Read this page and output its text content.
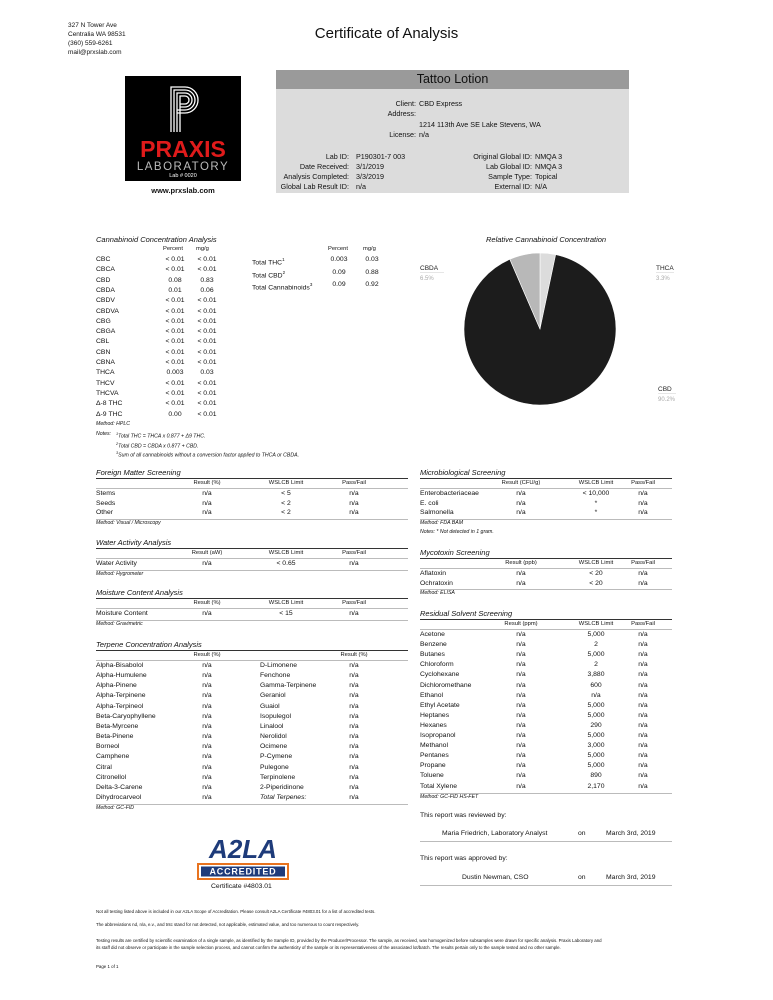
327 N Tower Ave
Centralia WA 98531
(360) 559-6261
mail@prxslab.com
Certificate of Analysis
PRAXIS
LABORATORY
Lab # 0020
www.prxslab.com
Tattoo Lotion
Client: CBD Express
Address:
1214 113th Ave SE Lake Stevens, WA
License: n/a
Lab ID: P190301-7 003
Date Received: 3/1/2019
Analysis Completed: 3/3/2019
Global Lab Result ID: n/a
Original Global ID: NMQA 3
Lab Global ID: NMQA 3
Sample Type: Topical
External ID: N/A
Cannabinoid Concentration Analysis
Percent mg/g	Percent	mg/g
CBC	< 0.01	< 0.01
CBCA	< 0.01	< 0.01
CBD	0.08	0.83
CBDA	0.01	0.06
CBDV	< 0.01	< 0.01
CBDVA	< 0.01	< 0.01
CBG	< 0.01	< 0.01
CBGA	< 0.01	< 0.01
CBL	< 0.01	< 0.01
CBN	< 0.01	< 0.01
CBNA	< 0.01	< 0.01
THCA	0.003	0.03
THCV	< 0.01	< 0.01
THCVA	< 0.01	< 0.01
Δ-8 THC	< 0.01	< 0.01
Δ-9 THC	0.00	< 0.01
Total THC$^1$	0.003	0.03
Total CBD$^2$	0.09	0.88
Total Cannabinoids$^3$	0.09	0.92
Method: HPLC
Notes: $^1$Total THC = THCA x 0.877 + Δ9 THC.
$^2$Total CBD = CBDA x 0.877 + CBD.
$^3$Sum of all cannabinoids without a conversion factor applied to THCA or CBDA.
Relative Cannabinoid Concentration
CBD
90.2%
CBDA
6.5%
THCA
3.3%
Foreign Matter Screening
Result (%)	WSLCB Limit	Pass/Fail
Stems	n/a	< 5	n/a
Seeds	n/a	< 2	n/a
Other	n/a	< 2	n/a
Method: Visual / Microscopy
Water Activity Analysis
Result (aW)	WSLCB Limit	Pass/Fail
Water Activity	n/a	< 0.65	n/a
Method: Hygrometer
Moisture Content Analysis
Result (%)	WSLCB Limit	Pass/Fail
Moisture Content	n/a	< 15	n/a
Method: Gravimetric
Microbiological Screening
Result (CFU/g)	WSLCB Limit	Pass/Fail
Enterobacteriaceae	n/a	< 10,000	n/a
E. coli	n/a	*	n/a
Salmonella	n/a	*	n/a
Method: FDA BAM
Notes: * Not detected in 1 gram.
Mycotoxin Screening
Result (ppb)	WSLCB Limit	Pass/Fail
Aflatoxin	n/a	< 20	n/a
Ochratoxin	n/a	< 20	n/a
Method: ELISA
Residual Solvent Screening
Result (ppm)	WSLCB Limit	Pass/Fail
Acetone	n/a	5,000	n/a
Benzene	n/a	2	n/a
Butanes	n/a	5,000	n/a
Chloroform	n/a	2	n/a
Cyclohexane	n/a	3,880	n/a
Dichloromethane	n/a	600	n/a
Ethanol	n/a	n/a	n/a
Ethyl Acetate	n/a	5,000	n/a
Heptanes	n/a	5,000	n/a
Hexanes	n/a	290	n/a
Isopropanol	n/a	5,000	n/a
Methanol	n/a	3,000	n/a
Pentanes	n/a	5,000	n/a
Propane	n/a	5,000	n/a
Toluene	n/a	890	n/a
Total Xylene	n/a	2,170	n/a
Method: GC-FID HS-FET
Terpene Concentration Analysis
Result (%)	Result (%)
Alpha-Bisabolol	n/a	D-Limonene	n/a
Alpha-Humulene	n/a	Fenchone	n/a
Alpha-Pinene	n/a	Gamma-Terpinene	n/a
Alpha-Terpinene	n/a	Geraniol	n/a
Alpha-Terpineol	n/a	Guaiol	n/a
Beta-Caryophyllene	n/a	Isopulegol	n/a
Beta-Myrcene	n/a	Linalool	n/a
Beta-Pinene	n/a	Nerolidol	n/a
Borneol	n/a	Ocimene	n/a
Camphene	n/a	P-Cymene	n/a
Citral	n/a	Pulegone	n/a
Citronellol	n/a	Terpinolene	n/a
Delta-3-Carene	n/a	2-Piperidinone	n/a
Dihydrocarveol	n/a	Total Terpenes:	n/a
Method: GC-FID
This report was reviewed by:
Maria Friedrich, Laboratory Analyst	on	March 3rd, 2019
This report was approved by:
Dustin Newman, CSO	on	March 3rd, 2019
ACCREDITED
A2LA
Certificate #4803.01
Not all testing listed above is included in our A2LA Scope of Accreditation. Please consult A2LA Certificate #4803.01 for a list of accredited tests.
The abbreviations nd, n/a, e.v., and tntc stand for not detected, not applicable, estimated value, and too numerous to count respectively.
Testing results are certified by scientific examination of a single sample, as identified by the Sample ID, provided by the Producer/Processor. The sample, as received, was homogenized before subsamples were drawn for specific analysis. Praxis Laboratory and
its staff did not observe or participate in the sample selection process, and cannot confirm the authenticity of the sample or its representativeness of the associated lot/batch. The results pertain only to the sample tested and no other sample.
Page 1 of 1
